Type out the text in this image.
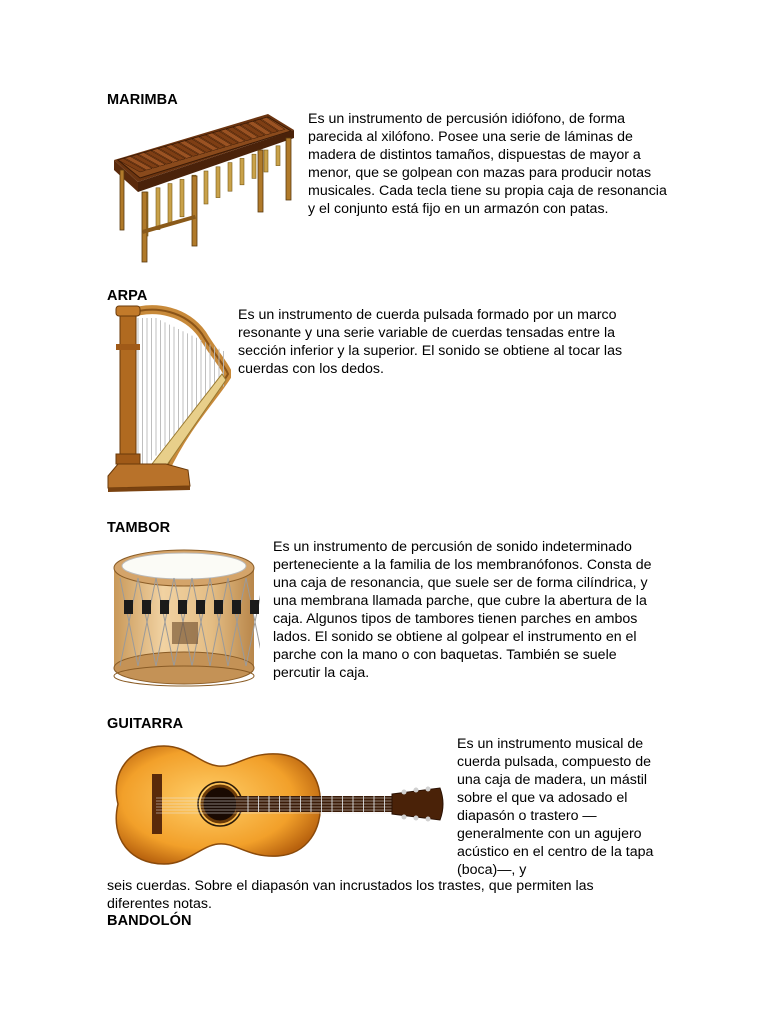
MARIMBA

Es un instrumento de percusión idiófono, de forma parecida al xilófono. Posee una serie de láminas de madera de distintos tamaños, dispuestas de mayor a menor, que se golpean con mazas para producir notas musicales. Cada tecla tiene su propia caja de resonancia y el conjunto está fijo en un armazón con patas.

ARPA

Es un instrumento de cuerda pulsada formado por un marco resonante y una serie variable de cuerdas tensadas entre la sección inferior y la superior. El sonido se obtiene al tocar las cuerdas con los dedos.

TAMBOR

Es un instrumento de percusión de sonido indeterminado perteneciente a la familia de los membranófonos. Consta de una caja de resonancia, que suele ser de forma cilíndrica, y una membrana llamada parche, que cubre la abertura de la caja. Algunos tipos de tambores tienen parches en ambos lados. El sonido se obtiene al golpear el instrumento en el parche con la mano o con baquetas. También se suele percutir la caja.

GUITARRA

Es un instrumento musical de cuerda pulsada, compuesto de una caja de madera, un mástil sobre el que va adosado el diapasón o trastero —generalmente con un agujero acústico en el centro de la tapa (boca)—, y

seis cuerdas. Sobre el diapasón van incrustados los trastes, que permiten las diferentes notas.

BANDOLÓN
